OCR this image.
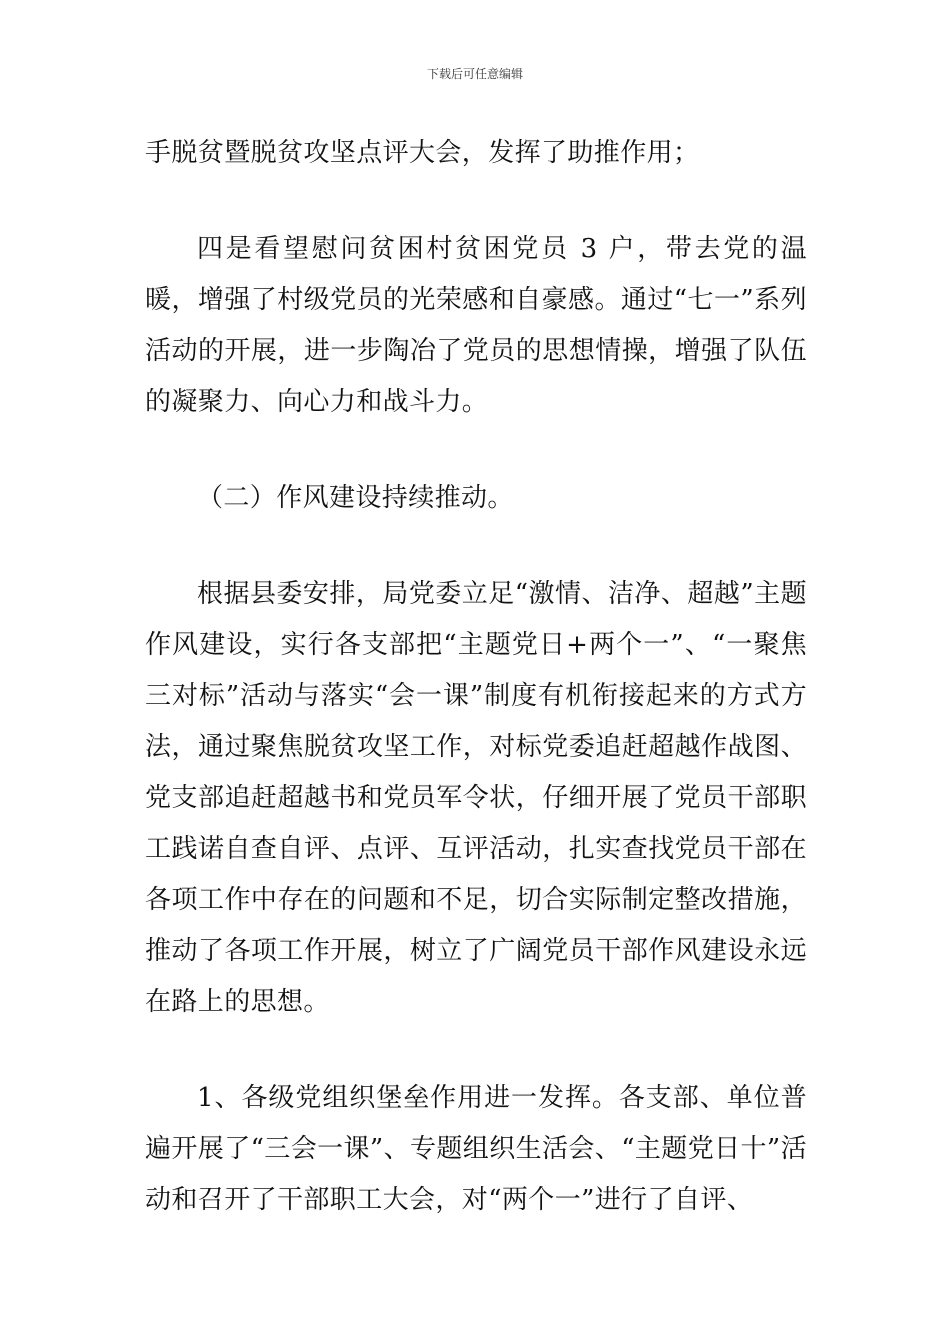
下载后可任意编辑

手脱贫暨脱贫攻坚点评大会，发挥了助推作用；

四是看望慰问贫困村贫困党员 3 户，带去党的温暖，增强了村级党员的光荣感和自豪感。通过“七一”系列活动的开展，进一步陶冶了党员的思想情操，增强了队伍的凝聚力、向心力和战斗力。

（二）作风建设持续推动。

根据县委安排，局党委立足“激情、洁净、超越”主题作风建设，实行各支部把“主题党日+两个一”、“一聚焦三对标”活动与落实“会一课”制度有机衔接起来的方式方法，通过聚焦脱贫攻坚工作，对标党委追赶超越作战图、党支部追赶超越书和党员军令状，仔细开展了党员干部职工践诺自查自评、点评、互评活动，扎实查找党员干部在各项工作中存在的问题和不足，切合实际制定整改措施，推动了各项工作开展，树立了广阔党员干部作风建设永远在路上的思想。

1、各级党组织堡垒作用进一发挥。各支部、单位普遍开展了“三会一课”、专题组织生活会、“主题党日十”活动和召开了干部职工大会，对“两个一”进行了自评、
